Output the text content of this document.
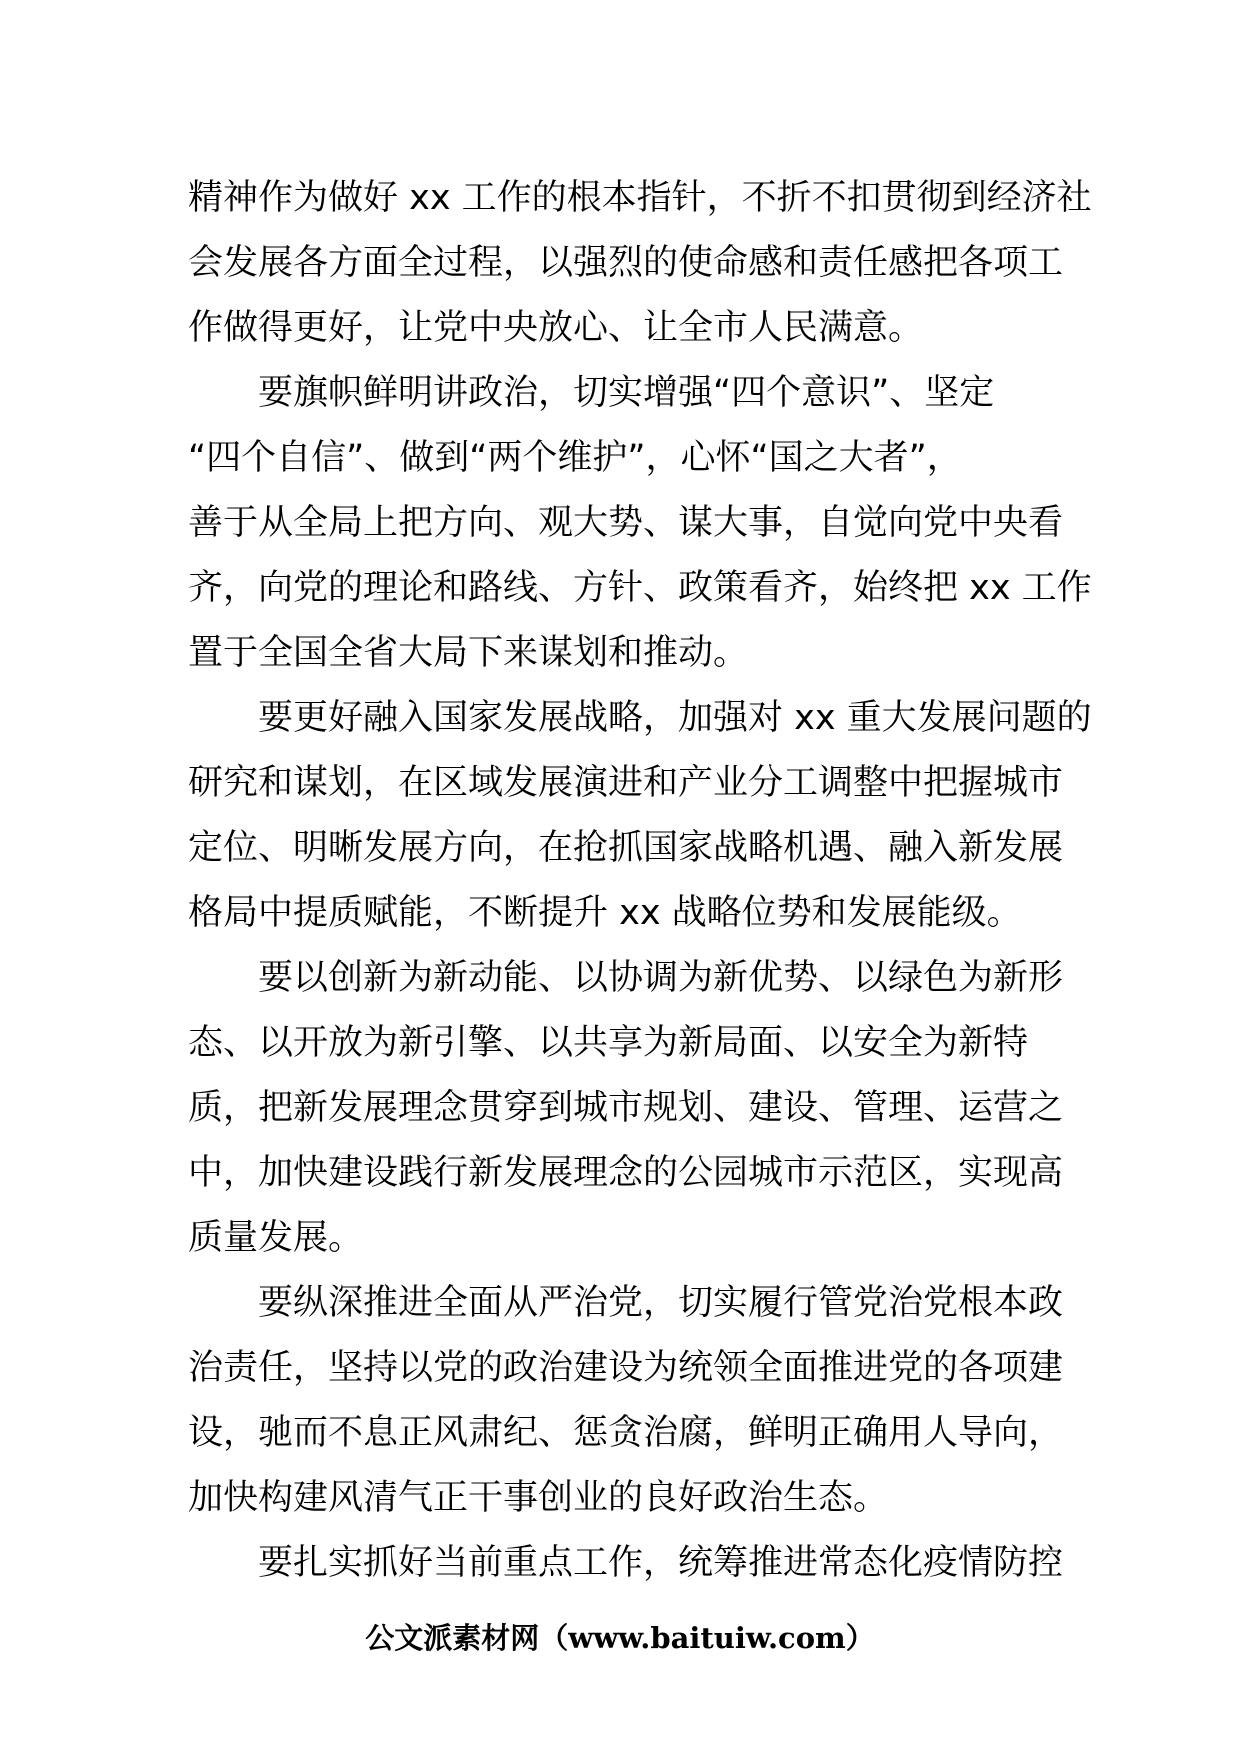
精神作为做好 xx 工作的根本指针，不折不扣贯彻到经济社
会发展各方面全过程，以强烈的使命感和责任感把各项工
作做得更好，让党中央放心、让全市人民满意。
　　要旗帜鲜明讲政治，切实增强“四个意识”、坚定
“四个自信”、做到“两个维护”，心怀“国之大者”，
善于从全局上把方向、观大势、谋大事，自觉向党中央看
齐，向党的理论和路线、方针、政策看齐，始终把 xx 工作
置于全国全省大局下来谋划和推动。
　　要更好融入国家发展战略，加强对 xx 重大发展问题的
研究和谋划，在区域发展演进和产业分工调整中把握城市
定位、明晰发展方向，在抢抓国家战略机遇、融入新发展
格局中提质赋能，不断提升 xx 战略位势和发展能级。
　　要以创新为新动能、以协调为新优势、以绿色为新形
态、以开放为新引擎、以共享为新局面、以安全为新特
质，把新发展理念贯穿到城市规划、建设、管理、运营之
中，加快建设践行新发展理念的公园城市示范区，实现高
质量发展。
　　要纵深推进全面从严治党，切实履行管党治党根本政
治责任，坚持以党的政治建设为统领全面推进党的各项建
设，驰而不息正风肃纪、惩贪治腐，鲜明正确用人导向，
加快构建风清气正干事创业的良好政治生态。
　　要扎实抓好当前重点工作，统筹推进常态化疫情防控
公文派素材网（www.baituiw.com）
